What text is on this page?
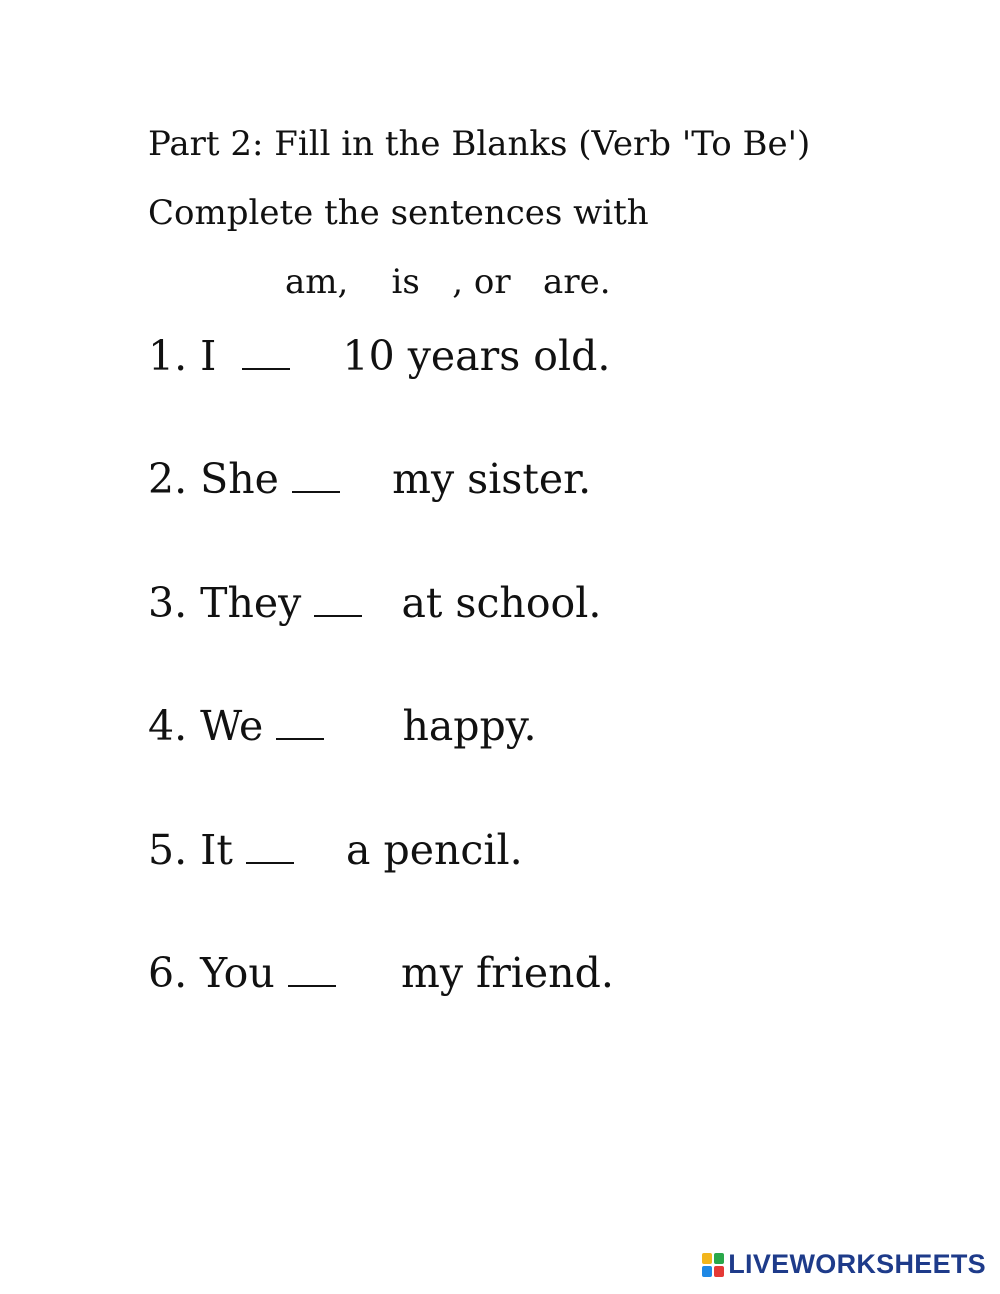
Part 2: Fill in the Blanks (Verb 'To Be')
Complete the sentences with
am,    is   , or   are.
1. I      10 years old.
2. She     my sister.
3. They    at school.
4. We       happy.
5. It     a pencil.
6. You      my friend.
LIVEWORKSHEETS
